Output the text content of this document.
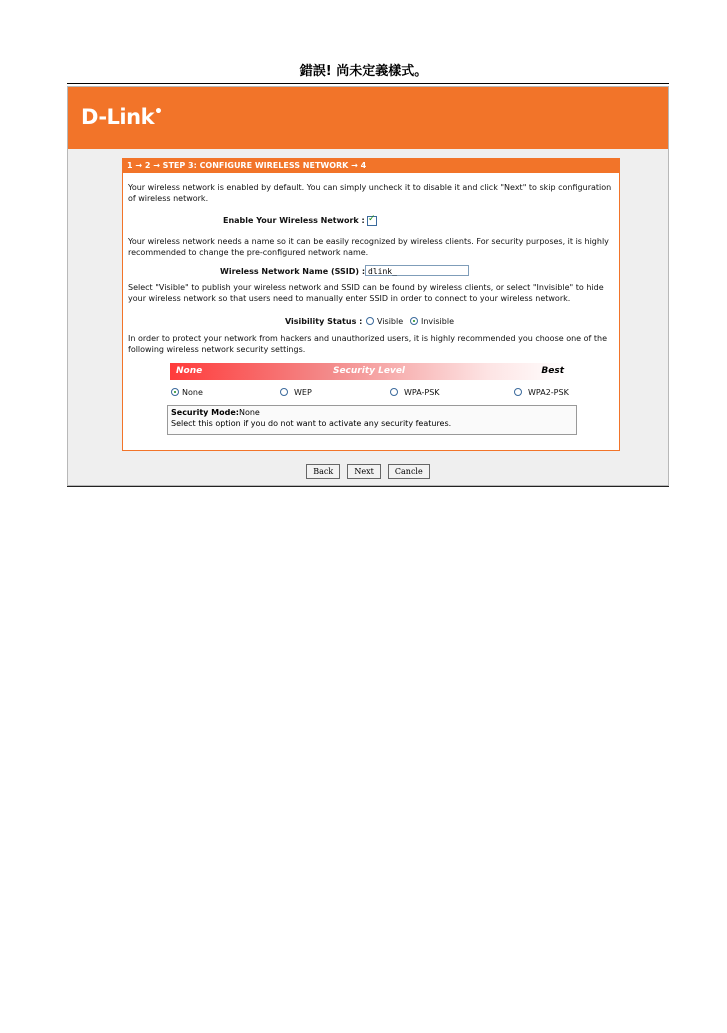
錯誤! 尚未定義樣式。
D-Link•
1 → 2 → STEP 3: CONFIGURE WIRELESS NETWORK → 4
Your wireless network is enabled by default. You can simply uncheck it to disable it and click "Next" to skip configuration of wireless network.
Enable Your Wireless Network : ✓
Your wireless network needs a name so it can be easily recognized by wireless clients. For security purposes, it is highly recommended to change the pre-configured network name.
Wireless Network Name (SSID) : dlink_
Select "Visible" to publish your wireless network and SSID can be found by wireless clients, or select "Invisible" to hide your wireless network so that users need to manually enter SSID in order to connect to your wireless network.
Visibility Status : Visible Invisible
In order to protect your network from hackers and unauthorized users, it is highly recommended you choose one of the following wireless network security settings.
None	Security Level	Best
None	WEP	WPA-PSK	WPA2-PSK
Security Mode:None
Select this option if you do not want to activate any security features.
Back	Next	Cancle
